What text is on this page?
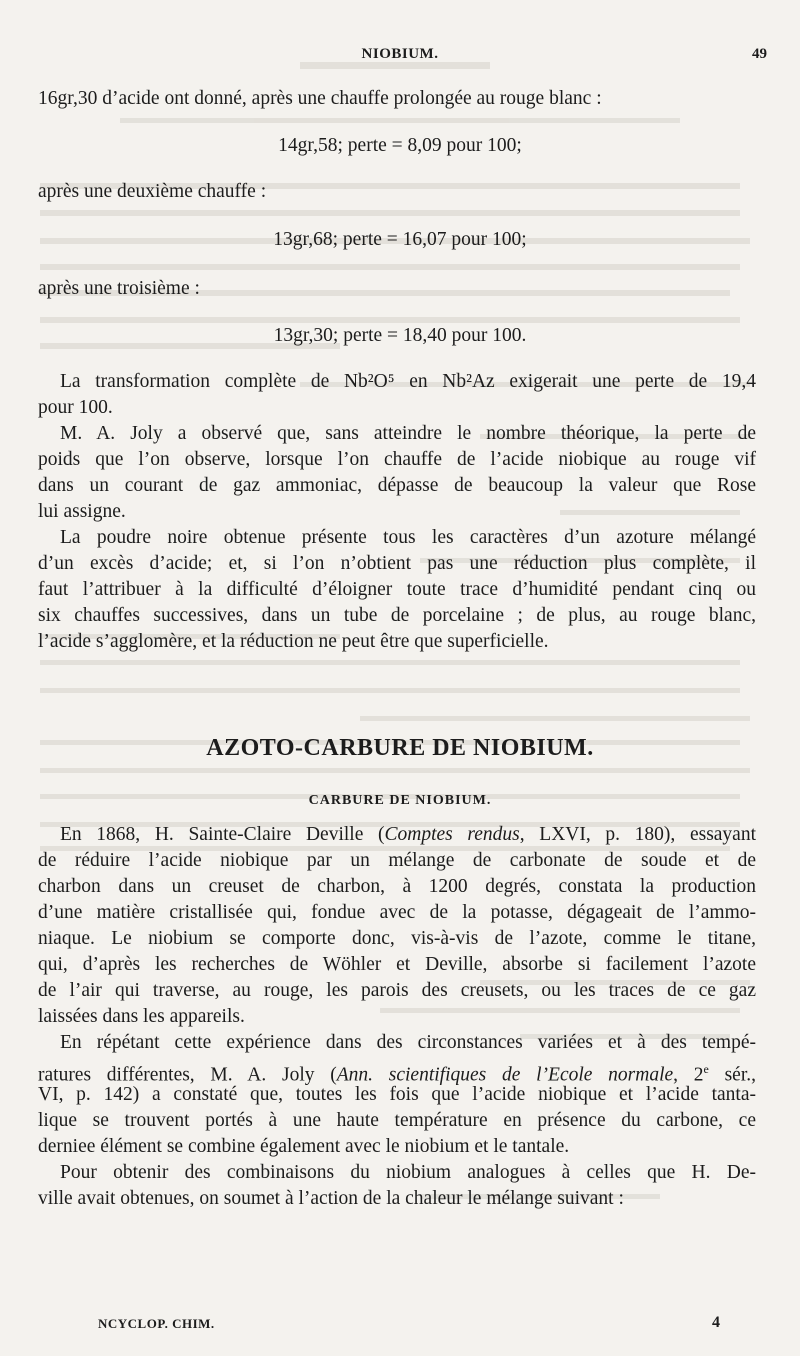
NIOBIUM.	49
16gr,30 d’acide ont donné, après une chauffe prolongée au rouge blanc :
14gr,58; perte = 8,09 pour 100;
après une deuxième chauffe :
13gr,68; perte = 16,07 pour 100;
après une troisième :
13gr,30; perte = 18,40 pour 100.
La transformation complète de Nb²O⁵ en Nb²Az exigerait une perte de 19,4
pour 100.
M. A. Joly a observé que, sans atteindre le nombre théorique, la perte de
poids que l’on observe, lorsque l’on chauffe de l’acide niobique au rouge vif
dans un courant de gaz ammoniac, dépasse de beaucoup la valeur que Rose
lui assigne.
La poudre noire obtenue présente tous les caractères d’un azoture mélangé
d’un excès d’acide; et, si l’on n’obtient pas une réduction plus complète, il
faut l’attribuer à la difficulté d’éloigner toute trace d’humidité pendant cinq ou
six chauffes successives, dans un tube de porcelaine ; de plus, au rouge blanc,
l’acide s’agglomère, et la réduction ne peut être que superficielle.
AZOTO-CARBURE DE NIOBIUM.
CARBURE DE NIOBIUM.
En 1868, H. Sainte-Claire Deville (Comptes rendus, LXVI, p. 180), essayant
de réduire l’acide niobique par un mélange de carbonate de soude et de
charbon dans un creuset de charbon, à 1200 degrés, constata la production
d’une matière cristallisée qui, fondue avec de la potasse, dégageait de l’ammo-
niaque. Le niobium se comporte donc, vis-à-vis de l’azote, comme le titane,
qui, d’après les recherches de Wöhler et Deville, absorbe si facilement l’azote
de l’air qui traverse, au rouge, les parois des creusets, ou les traces de ce gaz
laissées dans les appareils.
En répétant cette expérience dans des circonstances variées et à des tempé-
ratures différentes, M. A. Joly (Ann. scientifiques de l’Ecole normale, 2e sér.,
VI, p. 142) a constaté que, toutes les fois que l’acide niobique et l’acide tanta-
lique se trouvent portés à une haute température en présence du carbone, ce
derniee élément se combine également avec le niobium et le tantale.
Pour obtenir des combinaisons du niobium analogues à celles que H. De-
ville avait obtenues, on soumet à l’action de la chaleur le mélange suivant :
NCYCLOP. CHIM.	4
